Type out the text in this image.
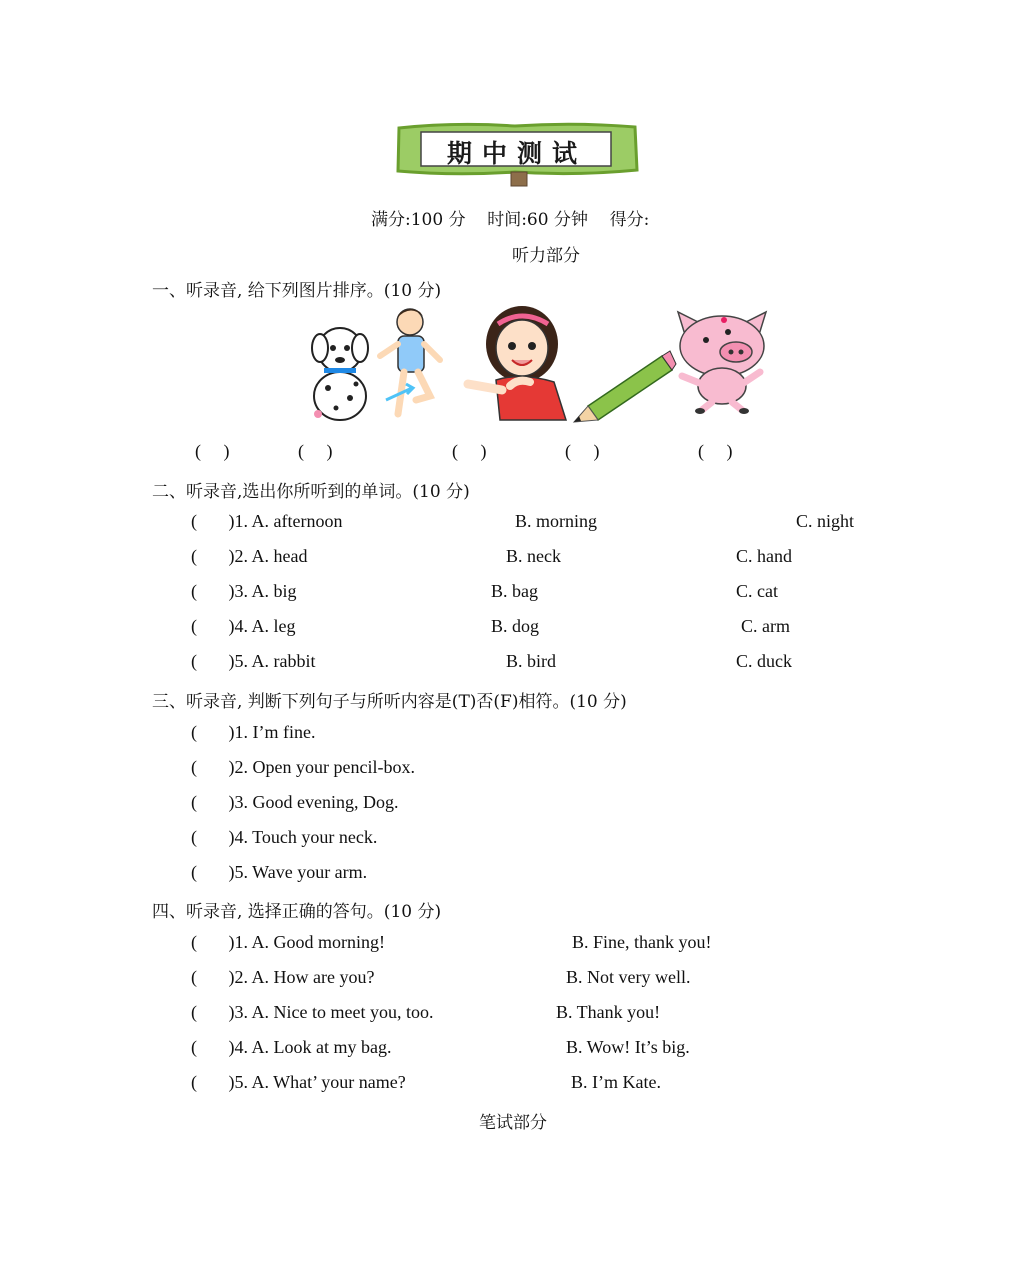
期中测试
满分:100 分    时间:60 分钟    得分:
听力部分
一、听录音, 给下列图片排序。(10 分)
(     )	(     )	(     )	(     )	(     )
二、听录音,选出你所听到的单词。(10 分)
(       )1. A. afternoon	B. morning	C. night
(       )2. A. head	B. neck	C. hand
(       )3. A. big	B. bag	C. cat
(       )4. A. leg	B. dog	C. arm
(       )5. A. rabbit	B. bird	C. duck
三、听录音, 判断下列句子与所听内容是(T)否(F)相符。(10 分)
(       )1. I’m fine.
(       )2. Open your pencil-box.
(       )3. Good evening, Dog.
(       )4. Touch your neck.
(       )5. Wave your arm.
四、听录音, 选择正确的答句。(10 分)
(       )1. A. Good morning!	B. Fine, thank you!
(       )2. A. How are you?	B. Not very well.
(       )3. A. Nice to meet you, too.	B. Thank you!
(       )4. A. Look at my bag.	B. Wow! It’s big.
(       )5. A. What’ your name?	B. I’m Kate.
笔试部分
